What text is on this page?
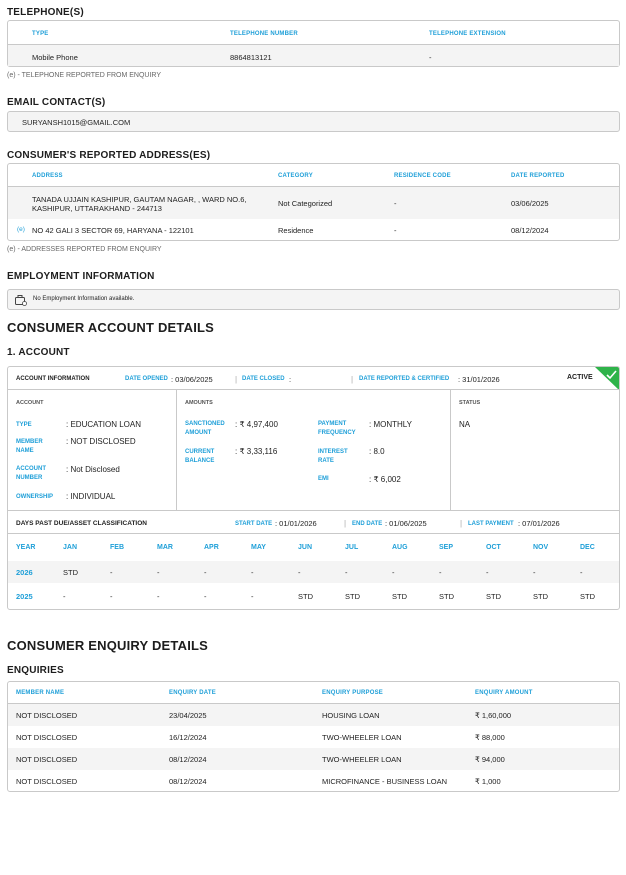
TELEPHONE(S)
TYPE	TELEPHONE NUMBER	TELEPHONE EXTENSION
Mobile Phone	8864813121	-
(e) - TELEPHONE REPORTED FROM ENQUIRY
EMAIL CONTACT(S)
SURYANSH1015@GMAIL.COM
CONSUMER'S REPORTED ADDRESS(ES)
ADDRESS	CATEGORY	RESIDENCE CODE	DATE REPORTED
TANADA UJJAIN KASHIPUR, GAUTAM NAGAR, , WARD NO.6,
KASHIPUR, UTTARAKHAND - 244713
Not Categorized	-	03/06/2025
(e) NO 42 GALI 3 SECTOR 69, HARYANA - 122101	Residence	-	08/12/2024
(e) - ADDRESSES REPORTED FROM ENQUIRY
EMPLOYMENT INFORMATION
No Employment Information available.
CONSUMER ACCOUNT DETAILS
1. ACCOUNT
ACCOUNT INFORMATION	DATE OPENED : 03/06/2025	| DATE CLOSED :	| DATE REPORTED & CERTIFIED : 31/01/2026	ACTIVE
ACCOUNT	AMOUNTS	STATUS
TYPE	: EDUCATION LOAN
MEMBER NAME
: NOT DISCLOSED
ACCOUNT NUMBER
: Not Disclosed
OWNERSHIP : INDIVIDUAL
SANCTIONED AMOUNT
: ₹ 4,97,400
CURRENT BALANCE
: ₹ 3,33,116
PAYMENT FREQUENCY
: MONTHLY
INTEREST RATE
: 8.0
EMI	: ₹ 6,002
NA
DAYS PAST DUE/ASSET CLASSIFICATION	START DATE : 01/01/2026	| END DATE : 01/06/2025	| LAST PAYMENT : 07/01/2026
YEAR	JAN	FEB	MAR	APR	MAY	JUN	JUL	AUG	SEP	OCT	NOV	DEC
2026	STD	-	-	-	-	-	-	-	-	-	-	-
2025	-	-	-	-	-	STD	STD	STD	STD	STD	STD	STD
CONSUMER ENQUIRY DETAILS
ENQUIRIES
MEMBER NAME	ENQUIRY DATE	ENQUIRY PURPOSE	ENQUIRY AMOUNT
NOT DISCLOSED	23/04/2025	HOUSING LOAN	₹ 1,60,000
NOT DISCLOSED	16/12/2024	TWO-WHEELER LOAN	₹ 88,000
NOT DISCLOSED	08/12/2024	TWO-WHEELER LOAN	₹ 94,000
NOT DISCLOSED	08/12/2024	MICROFINANCE - BUSINESS LOAN	₹ 1,000
